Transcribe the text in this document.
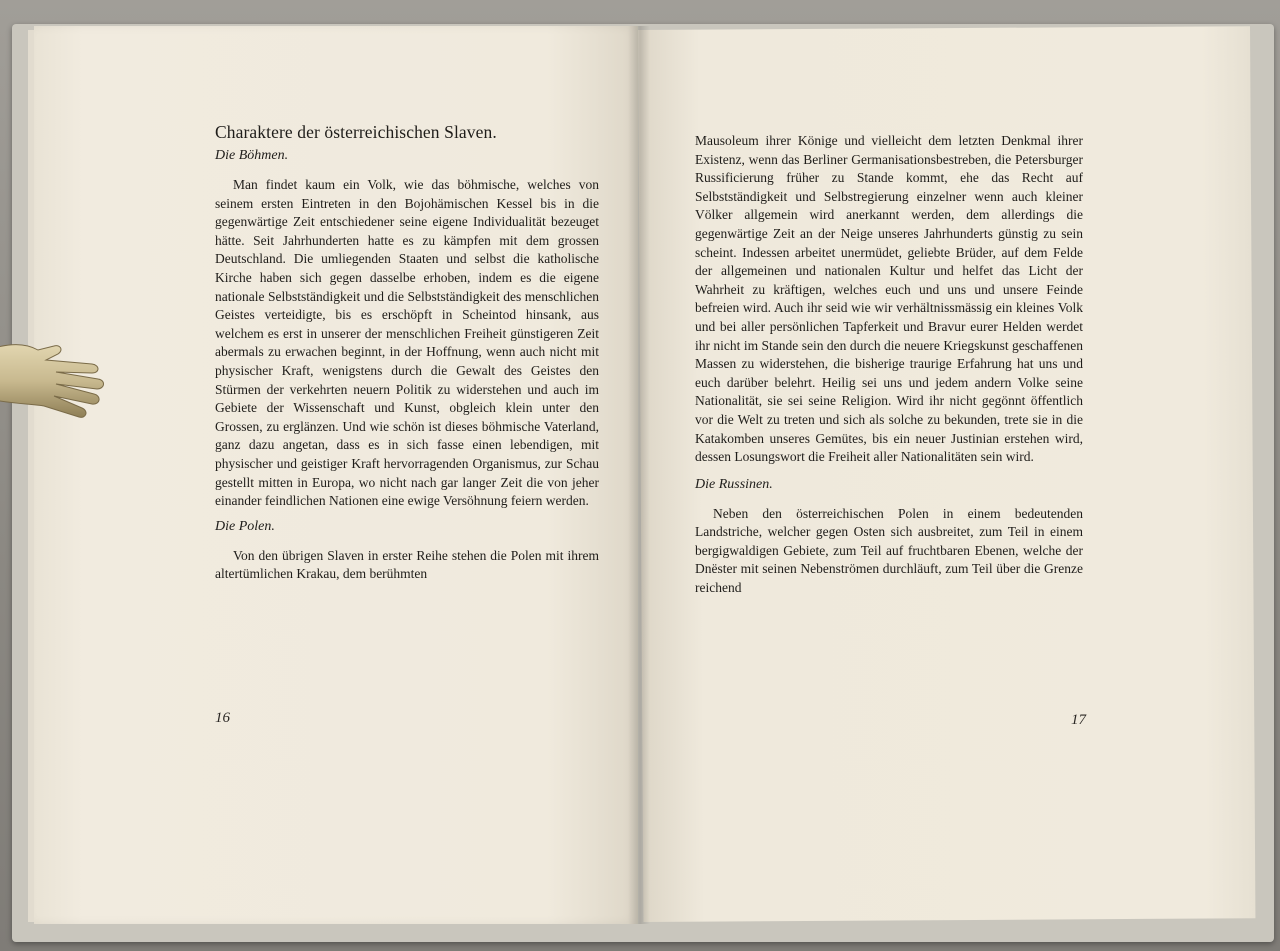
Charaktere der österreichischen Slaven.
Die Böhmen.

Man findet kaum ein Volk, wie das böhmische, welches von seinem ersten Eintreten in den Bojohämischen Kessel bis in die gegenwärtige Zeit entschiedener seine eigene Individualität bezeuget hätte. Seit Jahrhunderten hatte es zu kämpfen mit dem grossen Deutschland. Die umliegenden Staaten und selbst die katholische Kirche haben sich gegen dasselbe erhoben, indem es die eigene nationale Selbstständigkeit und die Selbstständigkeit des menschlichen Geistes verteidigte, bis es erschöpft in Scheintod hinsank, aus welchem es erst in unserer der menschlichen Freiheit günstigeren Zeit abermals zu erwachen beginnt, in der Hoffnung, wenn auch nicht mit physischer Kraft, wenigstens durch die Gewalt des Geistes den Stürmen der verkehrten neuern Politik zu widerstehen und auch im Gebiete der Wissenschaft und Kunst, obgleich klein unter den Grossen, zu erglänzen. Und wie schön ist dieses böhmische Vaterland, ganz dazu angetan, dass es in sich fasse einen lebendigen, mit physischer und geistiger Kraft hervorragenden Organismus, zur Schau gestellt mitten in Europa, wo nicht nach gar langer Zeit die von jeher einander feindlichen Nationen eine ewige Versöhnung feiern werden.

Die Polen.

Von den übrigen Slaven in erster Reihe stehen die Polen mit ihrem altertümlichen Krakau, dem berühmten

Mausoleum ihrer Könige und vielleicht dem letzten Denkmal ihrer Existenz, wenn das Berliner Germanisationsbestreben, die Petersburger Russificierung früher zu Stande kommt, ehe das Recht auf Selbstständigkeit und Selbstregierung einzelner wenn auch kleiner Völker allgemein wird anerkannt werden, dem allerdings die gegenwärtige Zeit an der Neige unseres Jahrhunderts günstig zu sein scheint. Indessen arbeitet unermüdet, geliebte Brüder, auf dem Felde der allgemeinen und nationalen Kultur und helfet das Licht der Wahrheit zu kräftigen, welches euch und uns und unsere Feinde befreien wird. Auch ihr seid wie wir verhältnissmässig ein kleines Volk und bei aller persönlichen Tapferkeit und Bravur eurer Helden werdet ihr nicht im Stande sein den durch die neuere Kriegskunst geschaffenen Massen zu widerstehen, die bisherige traurige Erfahrung hat uns und euch darüber belehrt. Heilig sei uns und jedem andern Volke seine Nationalität, sie sei seine Religion. Wird ihr nicht gegönnt öffentlich vor die Welt zu treten und sich als solche zu bekunden, trete sie in die Katakomben unseres Gemütes, bis ein neuer Justinian erstehen wird, dessen Losungswort die Freiheit aller Nationalitäten sein wird.

Die Russinen.

Neben den österreichischen Polen in einem bedeutenden Landstriche, welcher gegen Osten sich ausbreitet, zum Teil in einem bergigwaldigen Gebiete, zum Teil auf fruchtbaren Ebenen, welche der Dnëster mit seinen Nebenströmen durchläuft, zum Teil über die Grenze reichend

16	17
